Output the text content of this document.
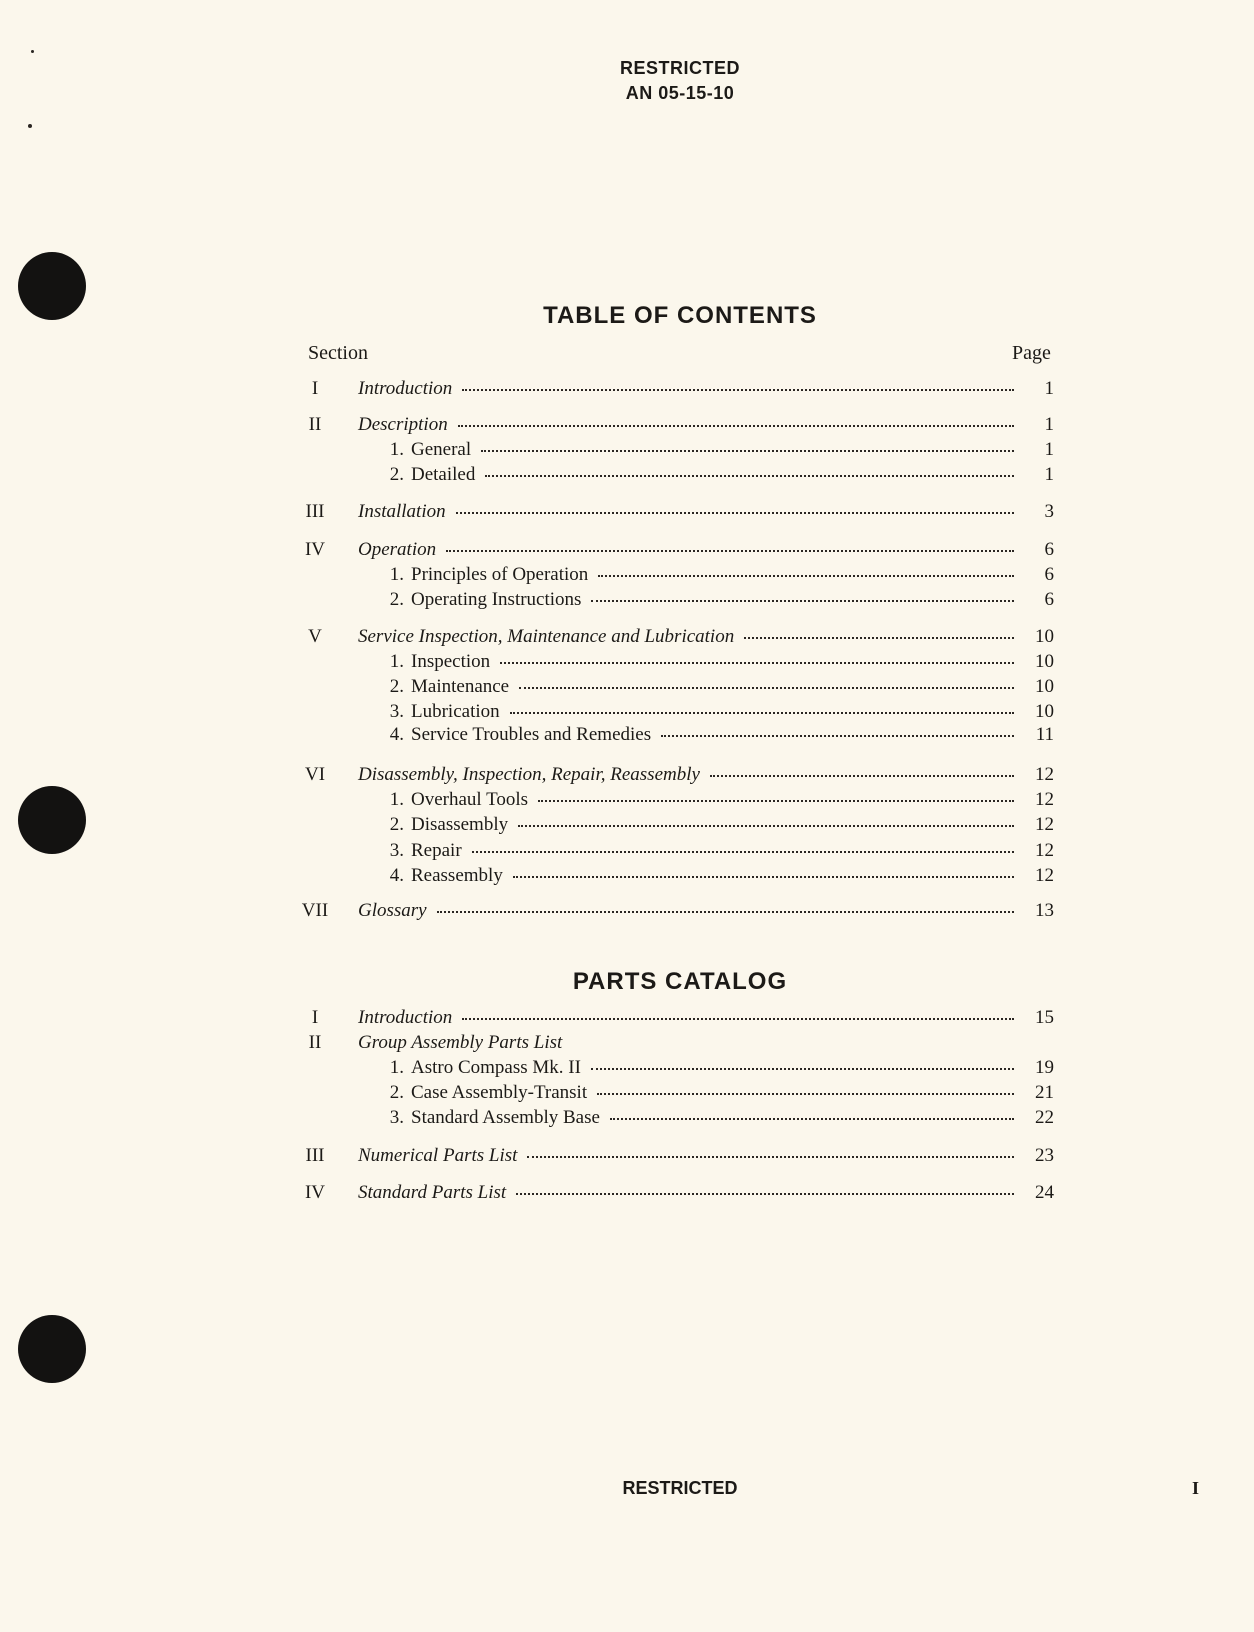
RESTRICTED
AN 05-15-10
TABLE OF CONTENTS
Section	Page
I	Introduction	1
II	Description	1
1. General	1
2. Detailed	1
III	Installation	3
IV	Operation	6
1. Principles of Operation	6
2. Operating Instructions	6
V	Service Inspection, Maintenance and Lubrication	10
1. Inspection	10
2. Maintenance	10
3. Lubrication	10
4. Service Troubles and Remedies	11
VI	Disassembly, Inspection, Repair, Reassembly	12
1. Overhaul Tools	12
2. Disassembly	12
3. Repair	12
4. Reassembly	12
VII	Glossary	13
PARTS CATALOG
I	Introduction	15
II	Group Assembly Parts List
1. Astro Compass Mk. II	19
2. Case Assembly-Transit	21
3. Standard Assembly Base	22
III	Numerical Parts List	23
IV	Standard Parts List	24
RESTRICTED	I
